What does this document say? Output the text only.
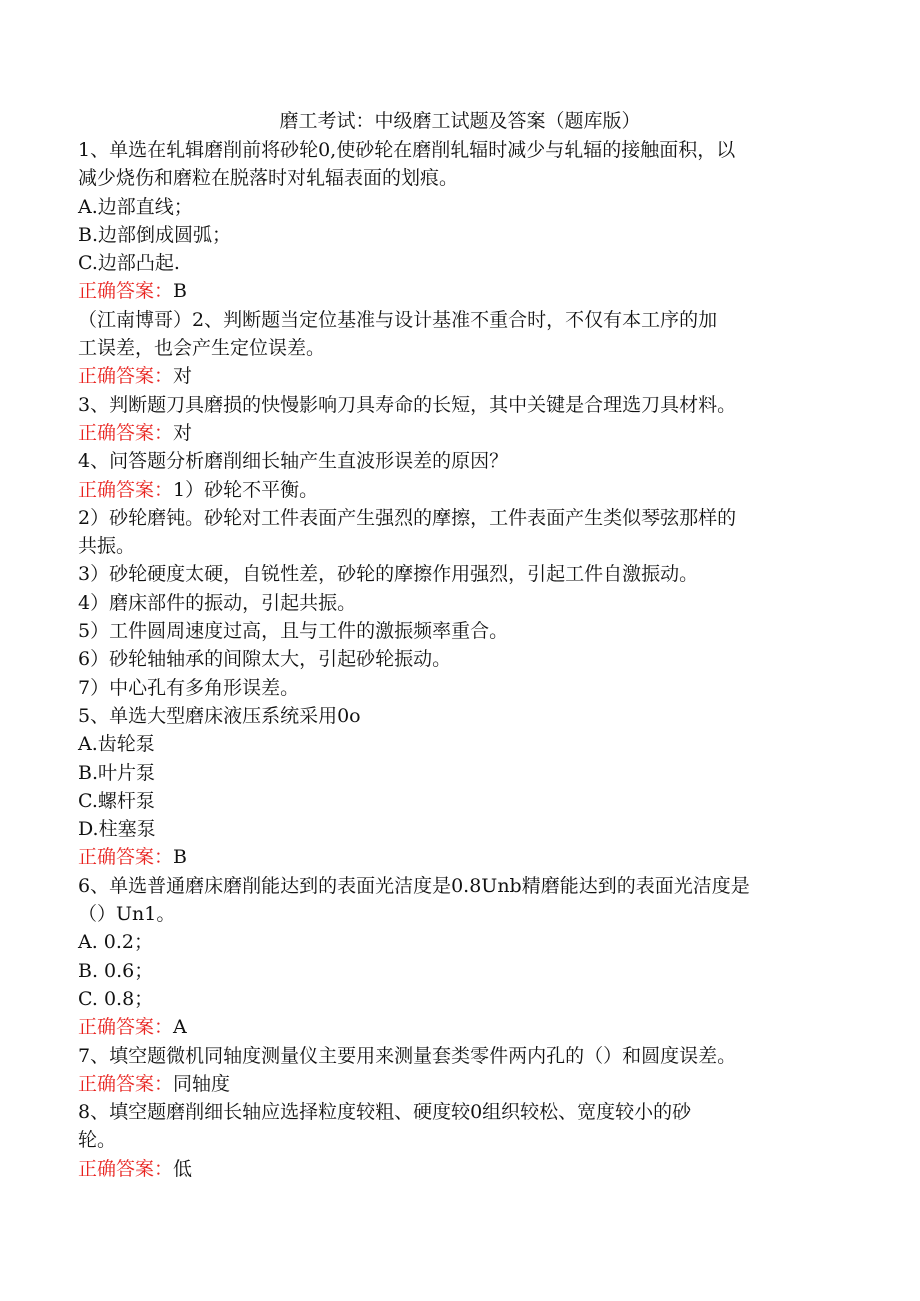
磨工考试：中级磨工试题及答案（题库版）
1、单选在轧辑磨削前将砂轮0,使砂轮在磨削轧辐时减少与轧辐的接触面积，以
减少烧伤和磨粒在脱落时对轧辐表面的划痕。
A.边部直线；
B.边部倒成圆弧；
C.边部凸起.
正确答案：B
（江南博哥）2、判断题当定位基准与设计基准不重合时，不仅有本工序的加
工误差，也会产生定位误差。
正确答案：对
3、判断题刀具磨损的快慢影响刀具寿命的长短，其中关键是合理选刀具材料。
正确答案：对
4、问答题分析磨削细长轴产生直波形误差的原因？
正确答案：1）砂轮不平衡。
2）砂轮磨钝。砂轮对工件表面产生强烈的摩擦，工件表面产生类似琴弦那样的
共振。
3）砂轮硬度太硬，自锐性差，砂轮的摩擦作用强烈，引起工件自激振动。
4）磨床部件的振动，引起共振。
5）工件圆周速度过高，且与工件的激振频率重合。
6）砂轮轴轴承的间隙太大，引起砂轮振动。
7）中心孔有多角形误差。
5、单选大型磨床液压系统采用0o
A.齿轮泵
B.叶片泵
C.螺杆泵
D.柱塞泵
正确答案：B
6、单选普通磨床磨削能达到的表面光洁度是0.8Unb精磨能达到的表面光洁度是
（）Un1。
A. 0.2；
B. 0.6；
C. 0.8；
正确答案：A
7、填空题微机同轴度测量仪主要用来测量套类零件两内孔的（）和圆度误差。
正确答案：同轴度
8、填空题磨削细长轴应选择粒度较粗、硬度较0组织较松、宽度较小的砂
轮。
正确答案：低
